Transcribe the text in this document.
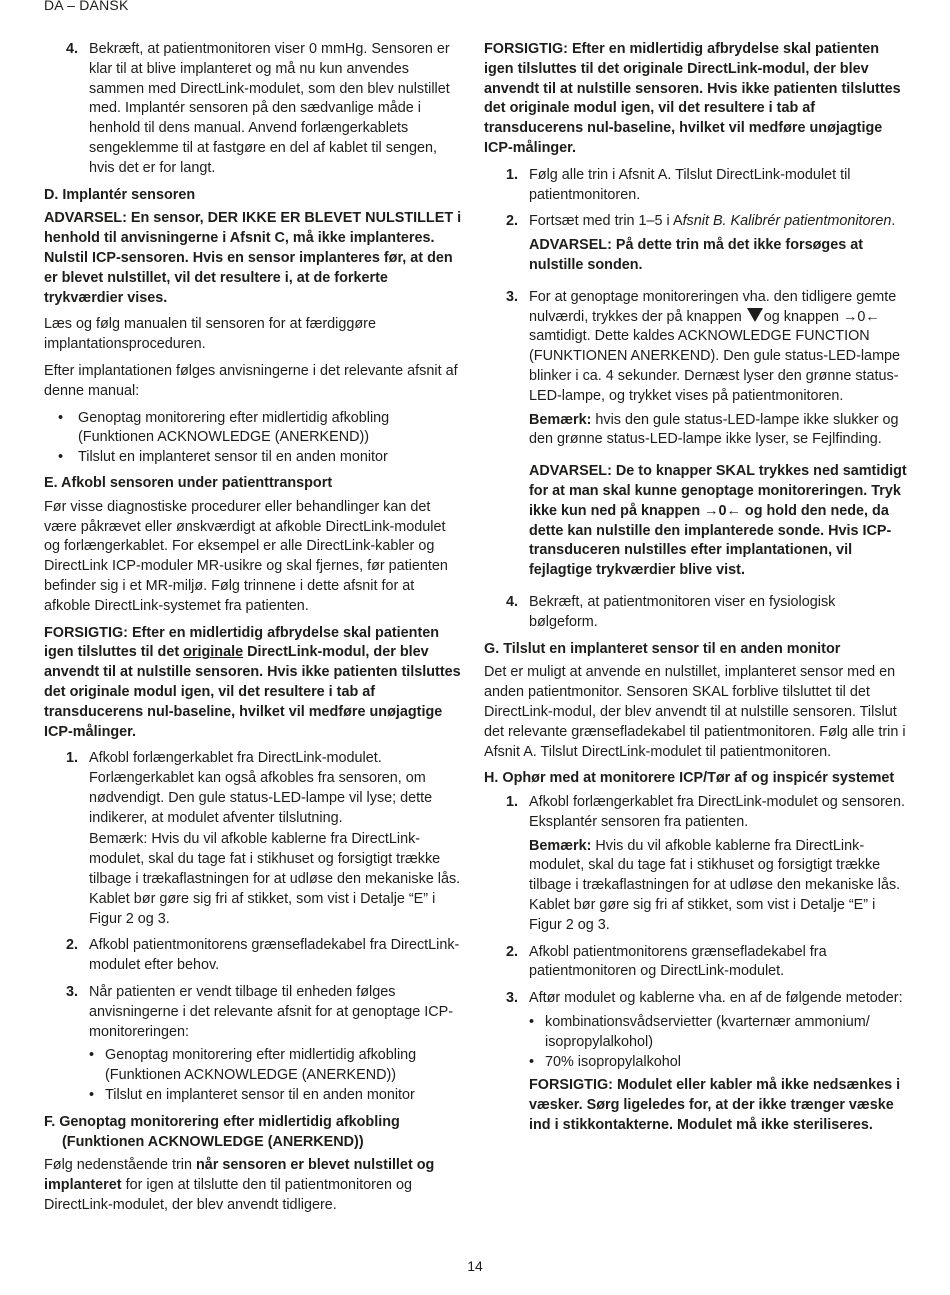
DA – DANSK
4. Bekræft, at patientmonitoren viser 0 mmHg. Sensoren er klar til at blive implanteret og må nu kun anvendes sammen med DirectLink-modulet, som den blev nulstillet med. Implantér sensoren på den sædvanlige måde i henhold til dens manual. Anvend forlængerkablets sengeklemme til at fastgøre en del af kablet til sengen, hvis det er for langt.
D. Implantér sensoren

ADVARSEL: En sensor, DER IKKE ER BLEVET NULSTILLET i henhold til anvisningerne i Afsnit C, må ikke implanteres. Nulstil ICP-sensoren. Hvis en sensor implanteres før, at den er blevet nulstillet, vil det resultere i, at de forkerte trykværdier vises.

Læs og følg manualen til sensoren for at færdiggøre implantationsproceduren.

Efter implantationen følges anvisningerne i det relevante afsnit af denne manual:

• Genoptag monitorering efter midlertidig afkobling (Funktionen ACKNOWLEDGE (ANERKEND))
• Tilslut en implanteret sensor til en anden monitor
E. Afkobl sensoren under patienttransport

Før visse diagnostiske procedurer eller behandlinger kan det være påkrævet eller ønskværdigt at afkoble DirectLink-modulet og forlængerkablet. For eksempel er alle DirectLink-kabler og DirectLink ICP-moduler MR-usikre og skal fjernes, før patienten befinder sig i et MR-miljø. Følg trinnene i dette afsnit for at afkoble DirectLink-systemet fra patienten.

FORSIGTIG: Efter en midlertidig afbrydelse skal patienten igen tilsluttes til det originale DirectLink-modul, der blev anvendt til at nulstille sensoren. Hvis ikke patienten tilsluttes det originale modul igen, vil det resultere i tab af transducerens nul-baseline, hvilket vil medføre unøjagtige ICP-målinger.

1. Afkobl forlængerkablet fra DirectLink-modulet. Forlængerkablet kan også afkobles fra sensoren, om nødvendigt. Den gule status-LED-lampe vil lyse; dette indikerer, at modulet afventer tilslutning.
Bemærk: Hvis du vil afkoble kablerne fra DirectLink-modulet, skal du tage fat i stikhuset og forsigtigt trække tilbage i trækaflastningen for at udløse den mekaniske lås. Kablet bør gøre sig fri af stikket, som vist i Detalje “E” i Figur 2 og 3.
2. Afkobl patientmonitorens grænsefladekabel fra DirectLink-modulet efter behov.
3. Når patienten er vendt tilbage til enheden følges anvisningerne i det relevante afsnit for at genoptage ICP-monitoreringen:
• Genoptag monitorering efter midlertidig afkobling (Funktionen ACKNOWLEDGE (ANERKEND))
• Tilslut en implanteret sensor til en anden monitor
F. Genoptag monitorering efter midlertidig afkobling (Funktionen ACKNOWLEDGE (ANERKEND))

Følg nedenstående trin når sensoren er blevet nulstillet og implanteret for igen at tilslutte den til patientmonitoren og DirectLink-modulet, der blev anvendt tidligere.

FORSIGTIG: Efter en midlertidig afbrydelse skal patienten igen tilsluttes til det originale DirectLink-modul, der blev anvendt til at nulstille sensoren. Hvis ikke patienten tilsluttes det originale modul igen, vil det resultere i tab af transducerens nul-baseline, hvilket vil medføre unøjagtige ICP-målinger.

1. Følg alle trin i Afsnit A. Tilslut DirectLink-modulet til patientmonitoren.
2. Fortsæt med trin 1–5 i Afsnit B. Kalibrér patientmonitoren.
ADVARSEL: På dette trin må det ikke forsøges at nulstille sonden.
3. For at genoptage monitoreringen vha. den tidligere gemte nulværdi, trykkes der på knappen og knappen →0←samtidigt. Dette kaldes ACKNOWLEDGE FUNCTION (FUNKTIONEN ANERKEND). Den gule status-LED-lampe blinker i ca. 4 sekunder. Dernæst lyser den grønne status-LED-lampe, og trykket vises på patientmonitoren.
Bemærk: hvis den gule status-LED-lampe ikke slukker og den grønne status-LED-lampe ikke lyser, se Fejlfinding.
ADVARSEL: De to knapper SKAL trykkes ned samtidigt for at man skal kunne genoptage monitoreringen. Tryk ikke kun ned på knappen →0← og hold den nede, da dette kan nulstille den implanterede sonde. Hvis ICP-transduceren nulstilles efter implantationen, vil fejlagtige trykværdier blive vist.
4. Bekræft, at patientmonitoren viser en fysiologisk bølgeform.
G. Tilslut en implanteret sensor til en anden monitor

Det er muligt at anvende en nulstillet, implanteret sensor med en anden patientmonitor. Sensoren SKAL forblive tilsluttet til det DirectLink-modul, der blev anvendt til at nulstille sensoren. Tilslut det relevante grænsefladekabel til patientmonitoren. Følg alle trin i Afsnit A. Tilslut DirectLink-modulet til patientmonitoren.

H. Ophør med at monitorere ICP/Tør af og inspicér systemet
1. Afkobl forlængerkablet fra DirectLink-modulet og sensoren. Eksplantér sensoren fra patienten.
Bemærk: Hvis du vil afkoble kablerne fra DirectLink-modulet, skal du tage fat i stikhuset og forsigtigt trække tilbage i trækaflastningen for at udløse den mekaniske lås. Kablet bør gøre sig fri af stikket, som vist i Detalje “E” i Figur 2 og 3.
2. Afkobl patientmonitorens grænsefladekabel fra patientmonitoren og DirectLink-modulet.
3. Aftør modulet og kablerne vha. en af de følgende metoder:
• kombinationsvådservietter (kvarternær ammonium/ isopropylalkohol)
• 70% isopropylalkohol
FORSIGTIG: Modulet eller kabler må ikke nedsænkes i væsker. Sørg ligeledes for, at der ikke trænger væske ind i stikkontakterne. Modulet må ikke steriliseres.
14
